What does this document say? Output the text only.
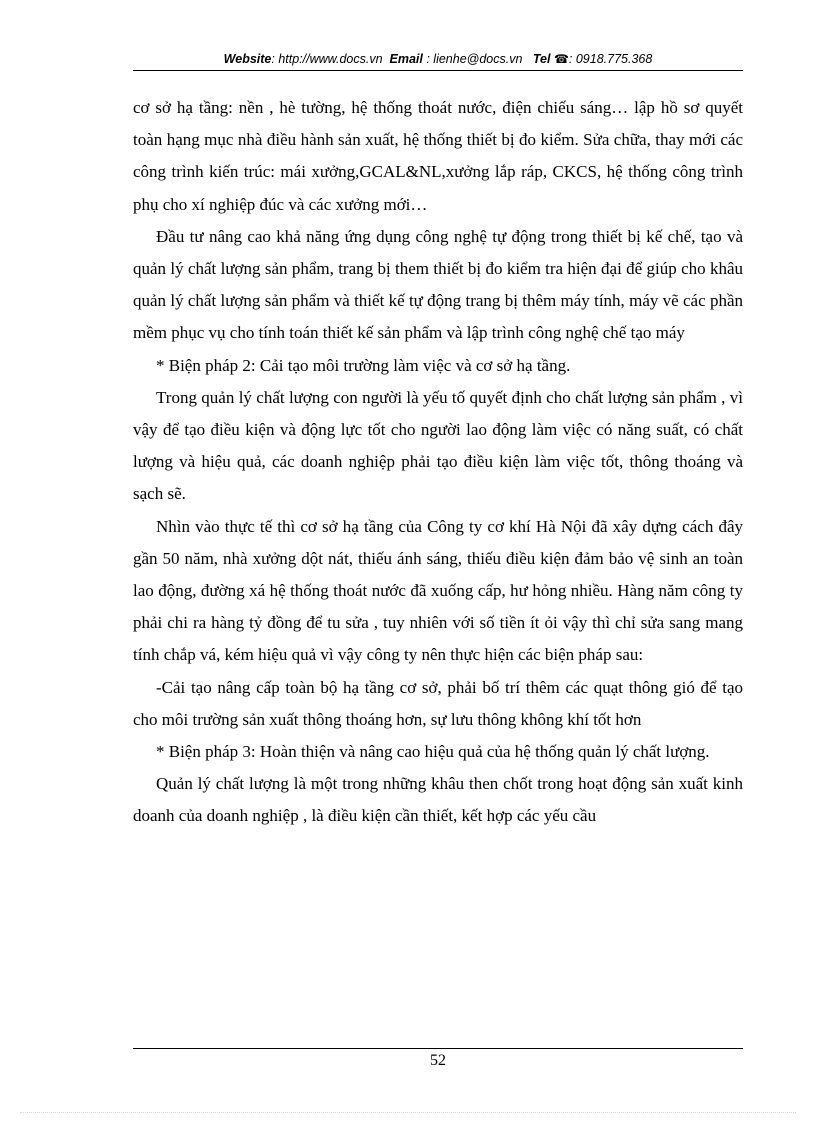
Website: http://www.docs.vn Email : lienhe@docs.vn Tel ☎: 0918.775.368

cơ sở hạ tầng: nền , hè tường, hệ thống thoát nước, điện chiếu sáng… lập hồ sơ quyết toàn hạng mục nhà điều hành sản xuất, hệ thống thiết bị đo kiểm. Sửa chữa, thay mới các công trình kiến trúc: mái xưởng,GCAL&NL,xưởng lắp ráp, CKCS, hệ thống công trình phụ cho xí nghiệp đúc và các xưởng mới…

Đầu tư nâng cao khả năng ứng dụng công nghệ tự động trong thiết bị kế chế, tạo và quản lý chất lượng sản phẩm, trang bị them thiết bị đo kiểm tra hiện đại để giúp cho khâu quản lý chất lượng sản phẩm và thiết kế tự động trang bị thêm máy tính, máy vẽ các phần mềm phục vụ cho tính toán thiết kế sản phẩm và lập trình công nghệ chế tạo máy

* Biện pháp 2: Cải tạo môi trường làm việc và cơ sở hạ tầng.

Trong quản lý chất lượng con người là yếu tố quyết định cho chất lượng sản phẩm , vì vậy để tạo điều kiện và động lực tốt cho người lao động làm việc có năng suất, có chất lượng và hiệu quả, các doanh nghiệp phải tạo điều kiện làm việc tốt, thông thoáng và sạch sẽ.

Nhìn vào thực tế thì cơ sở hạ tầng của Công ty cơ khí Hà Nội đã xây dựng cách đây gần 50 năm, nhà xưởng dột nát, thiếu ánh sáng, thiếu điều kiện đảm bảo vệ sinh an toàn lao động, đường xá hệ thống thoát nước đã xuống cấp, hư hỏng nhiều. Hàng năm công ty phải chi ra hàng tỷ đồng để tu sửa , tuy nhiên với số tiền ít ỏi vậy thì chỉ sửa sang mang tính chắp vá, kém hiệu quả vì vậy công ty nên thực hiện các biện pháp sau:

-Cải tạo nâng cấp toàn bộ hạ tầng cơ sở, phải bố trí thêm các quạt thông gió để tạo cho môi trường sản xuất thông thoáng hơn, sự lưu thông không khí tốt hơn

* Biện pháp 3: Hoàn thiện và nâng cao hiệu quả của hệ thống quản lý chất lượng.

Quản lý chất lượng là một trong những khâu then chốt trong hoạt động sản xuất kinh doanh của doanh nghiệp , là điều kiện cần thiết, kết hợp các yếu cầu

52
